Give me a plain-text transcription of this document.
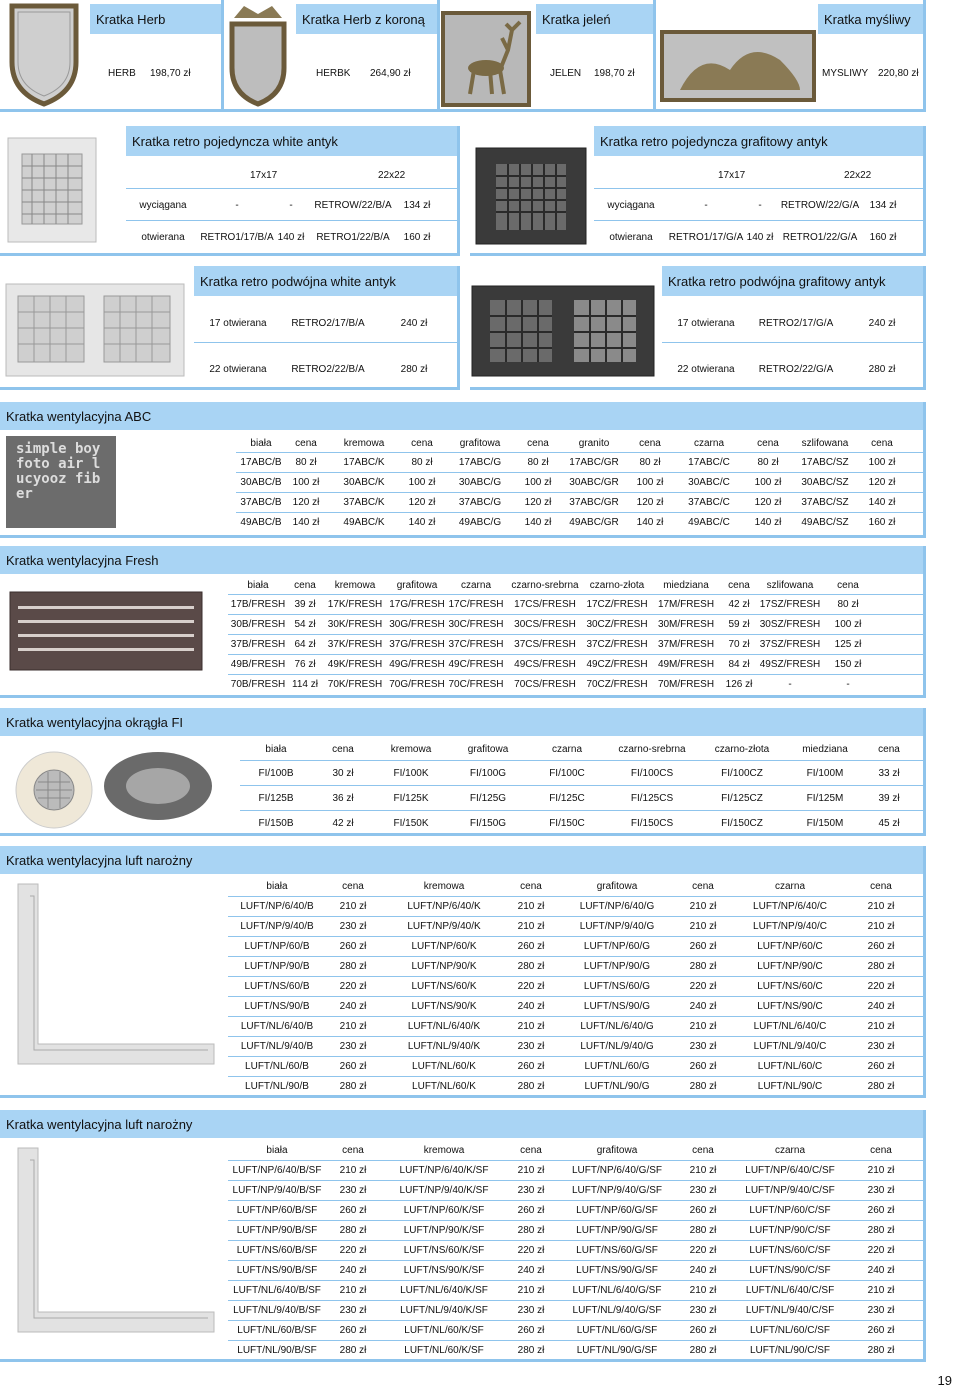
Kratka Herb
HERB 198,70 zł
Kratka Herb z koroną
HERBK 264,90 zł
Kratka jeleń
JELEN 198,70 zł
Kratka myśliwy
MYSLIWY 220,80 zł
Kratka retro pojedyncza white antyk
17x17	22x22
wyciągana	-	-	RETROW/22/B/A	134 zł
otwierana	RETRO1/17/B/A 140 zł	RETRO1/22/B/A	160 zł
Kratka retro pojedyncza grafitowy antyk
17x17	22x22
wyciągana	-	-	RETROW/22/G/A	134 zł
otwierana	RETRO1/17/G/A 140 zł RETRO1/22/G/A	160 zł
Kratka retro podwójna white antyk
17 otwierana	RETRO2/17/B/A	240 zł
22 otwierana	RETRO2/22/B/A	280 zł
Kratka retro podwójna grafitowy antyk
17 otwierana	RETRO2/17/G/A	240 zł
22 otwierana	RETRO2/22/G/A	280 zł
Kratka wentylacyjna ABC
simple boy foto air lucyooz fiber
biała	cena	kremowa	cena	grafitowa	cena	granito	cena	czarna	cena	szlifowana	cena
17ABC/B	80 zł	17ABC/K	80 zł	17ABC/G	80 zł	17ABC/GR	80 zł	17ABC/C	80 zł	17ABC/SZ	100 zł
30ABC/B	100 zł	30ABC/K	100 zł	30ABC/G	100 zł	30ABC/GR	100 zł	30ABC/C	100 zł	30ABC/SZ	120 zł
37ABC/B	120 zł	37ABC/K	120 zł	37ABC/G	120 zł	37ABC/GR	120 zł	37ABC/C	120 zł	37ABC/SZ	140 zł
49ABC/B	140 zł	49ABC/K	140 zł	49ABC/G	140 zł	49ABC/GR	140 zł	49ABC/C	140 zł	49ABC/SZ	160 zł
Kratka wentylacyjna Fresh
biała	cena	kremowa	grafitowa	czarna	czarno-srebrna	czarno-złota	miedziana	cena	szlifowana	cena
17B/FRESH 39 zł	17K/FRESH 17G/FRESH 17C/FRESH	17CS/FRESH	17CZ/FRESH	17M/FRESH	42 zł	17SZ/FRESH	80 zł
30B/FRESH 54 zł	30K/FRESH 30G/FRESH 30C/FRESH	30CS/FRESH	30CZ/FRESH	30M/FRESH	59 zł	30SZ/FRESH	100 zł
37B/FRESH 64 zł	37K/FRESH 37G/FRESH 37C/FRESH	37CS/FRESH	37CZ/FRESH	37M/FRESH	70 zł	37SZ/FRESH	125 zł
49B/FRESH 76 zł	49K/FRESH 49G/FRESH 49C/FRESH	49CS/FRESH	49CZ/FRESH	49M/FRESH	84 zł	49SZ/FRESH	150 zł
70B/FRESH 114 zł 70K/FRESH 70G/FRESH 70C/FRESH	70CS/FRESH	70CZ/FRESH	70M/FRESH	126 zł	-	-
Kratka wentylacyjna okrągła FI
biała	cena	kremowa	grafitowa	czarna	czarno-srebrna	czarno-złota	miedziana	cena
FI/100B	30 zł	FI/100K	FI/100G	FI/100C	FI/100CS	FI/100CZ	FI/100M	33 zł
FI/125B	36 zł	FI/125K	FI/125G	FI/125C	FI/125CS	FI/125CZ	FI/125M	39 zł
FI/150B	42 zł	FI/150K	FI/150G	FI/150C	FI/150CS	FI/150CZ	FI/150M	45 zł
Kratka wentylacyjna luft narożny
biała	cena	kremowa	cena	grafitowa	cena	czarna	cena
LUFT/NP/6/40/B	210 zł	LUFT/NP/6/40/K	210 zł	LUFT/NP/6/40/G	210 zł	LUFT/NP/6/40/C	210 zł
LUFT/NP/9/40/B	230 zł	LUFT/NP/9/40/K	210 zł	LUFT/NP/9/40/G	210 zł	LUFT/NP/9/40/C	210 zł
LUFT/NP/60/B	260 zł	LUFT/NP/60/K	260 zł	LUFT/NP/60/G	260 zł	LUFT/NP/60/C	260 zł
LUFT/NP/90/B	280 zł	LUFT/NP/90/K	280 zł	LUFT/NP/90/G	280 zł	LUFT/NP/90/C	280 zł
LUFT/NS/60/B	220 zł	LUFT/NS/60/K	220 zł	LUFT/NS/60/G	220 zł	LUFT/NS/60/C	220 zł
LUFT/NS/90/B	240 zł	LUFT/NS/90/K	240 zł	LUFT/NS/90/G	240 zł	LUFT/NS/90/C	240 zł
LUFT/NL/6/40/B	210 zł	LUFT/NL/6/40/K	210 zł	LUFT/NL/6/40/G	210 zł	LUFT/NL/6/40/C	210 zł
LUFT/NL/9/40/B	230 zł	LUFT/NL/9/40/K	230 zł	LUFT/NL/9/40/G	230 zł	LUFT/NL/9/40/C	230 zł
LUFT/NL/60/B	260 zł	LUFT/NL/60/K	260 zł	LUFT/NL/60/G	260 zł	LUFT/NL/60/C	260 zł
LUFT/NL/90/B	280 zł	LUFT/NL/60/K	280 zł	LUFT/NL/90/G	280 zł	LUFT/NL/90/C	280 zł
Kratka wentylacyjna luft narożny
biała	cena	kremowa	cena	grafitowa	cena	czarna	cena
LUFT/NP/6/40/B/SF	210 zł	LUFT/NP/6/40/K/SF	210 zł	LUFT/NP/6/40/G/SF	210 zł	LUFT/NP/6/40/C/SF	210 zł
LUFT/NP/9/40/B/SF	230 zł	LUFT/NP/9/40/K/SF	230 zł	LUFT/NP/9/40/G/SF	230 zł	LUFT/NP/9/40/C/SF	230 zł
LUFT/NP/60/B/SF	260 zł	LUFT/NP/60/K/SF	260 zł	LUFT/NP/60/G/SF	260 zł	LUFT/NP/60/C/SF	260 zł
LUFT/NP/90/B/SF	280 zł	LUFT/NP/90/K/SF	280 zł	LUFT/NP/90/G/SF	280 zł	LUFT/NP/90/C/SF	280 zł
LUFT/NS/60/B/SF	220 zł	LUFT/NS/60/K/SF	220 zł	LUFT/NS/60/G/SF	220 zł	LUFT/NS/60/C/SF	220 zł
LUFT/NS/90/B/SF	240 zł	LUFT/NS/90/K/SF	240 zł	LUFT/NS/90/G/SF	240 zł	LUFT/NS/90/C/SF	240 zł
LUFT/NL/6/40/B/SF	210 zł	LUFT/NL/6/40/K/SF	210 zł	LUFT/NL/6/40/G/SF	210 zł	LUFT/NL/6/40/C/SF	210 zł
LUFT/NL/9/40/B/SF	230 zł	LUFT/NL/9/40/K/SF	230 zł	LUFT/NL/9/40/G/SF	230 zł	LUFT/NL/9/40/C/SF	230 zł
LUFT/NL/60/B/SF	260 zł	LUFT/NL/60/K/SF	260 zł	LUFT/NL/60/G/SF	260 zł	LUFT/NL/60/C/SF	260 zł
LUFT/NL/90/B/SF	280 zł	LUFT/NL/60/K/SF	280 zł	LUFT/NL/90/G/SF	280 zł	LUFT/NL/90/C/SF	280 zł
19
